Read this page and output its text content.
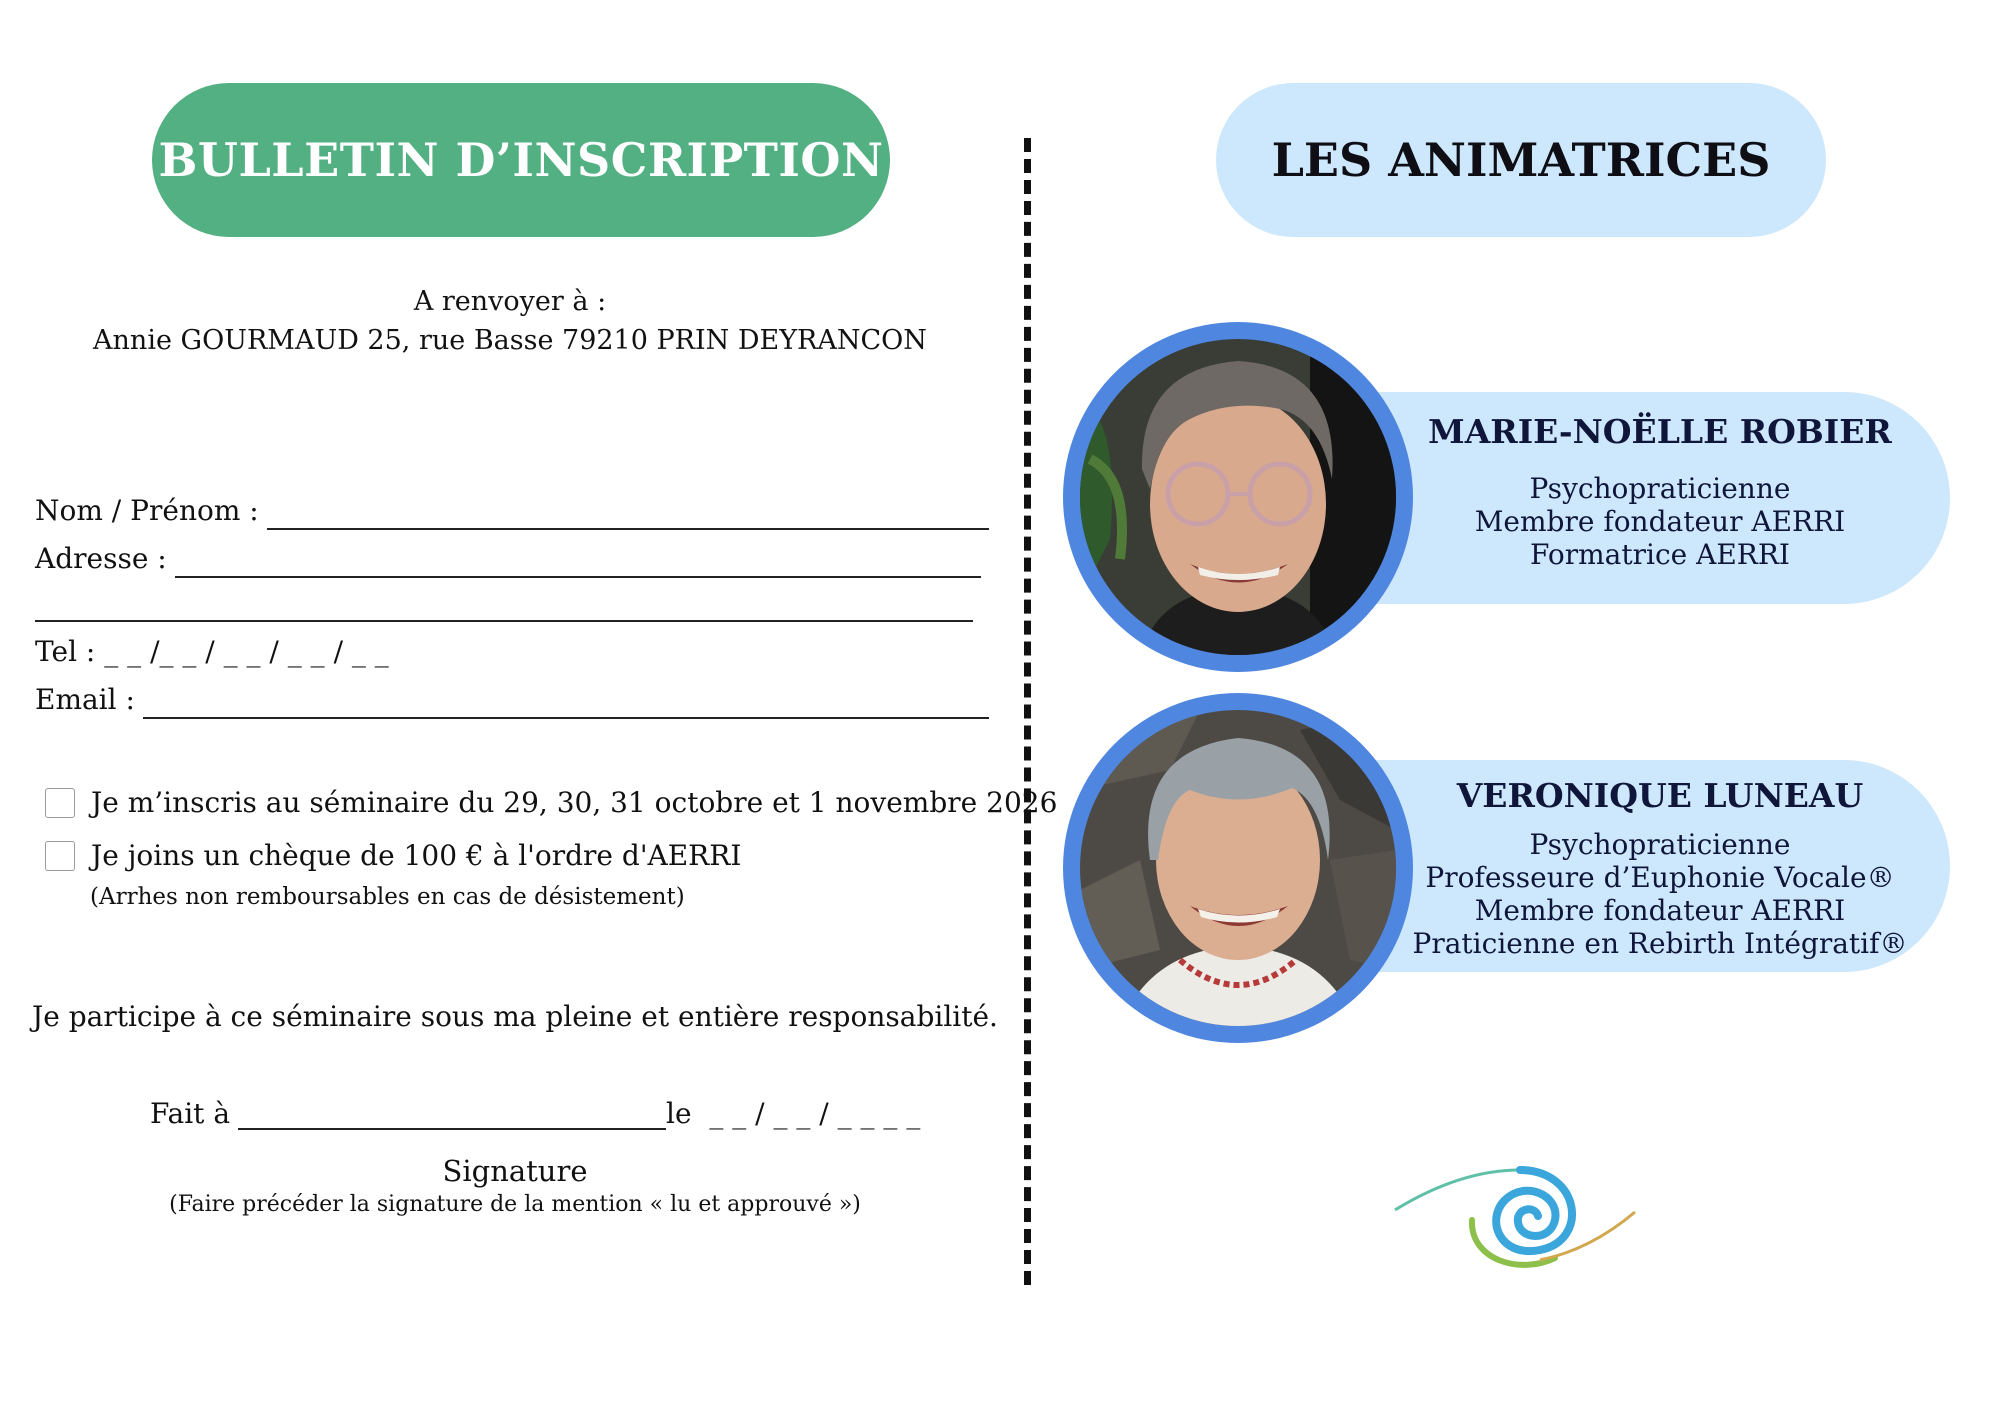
BULLETIN D’INSCRIPTION
A renvoyer à :
Annie GOURMAUD 25, rue Basse 79210 PRIN DEYRANCON
Nom / Prénom :
Adresse :
Tel : _ _ /_ _ / _ _ / _ _ / _ _
Email :
Je m’inscris au séminaire du 29, 30, 31 octobre et 1 novembre 2026
Je joins un chèque de 100 € à l'ordre d'AERRI
(Arrhes non remboursables en cas de désistement)
Je participe à ce séminaire sous ma pleine et entière responsabilité.
Fait à	le  _ _ / _ _ / _ _ _ _
Signature
(Faire précéder la signature de la mention « lu et approuvé »)
LES ANIMATRICES
MARIE-NOËLLE ROBIER
Psychopraticienne
Membre fondateur AERRI
Formatrice AERRI
VERONIQUE LUNEAU
Psychopraticienne
Professeure d’Euphonie Vocale®
Membre fondateur AERRI
Praticienne en Rebirth Intégratif®
